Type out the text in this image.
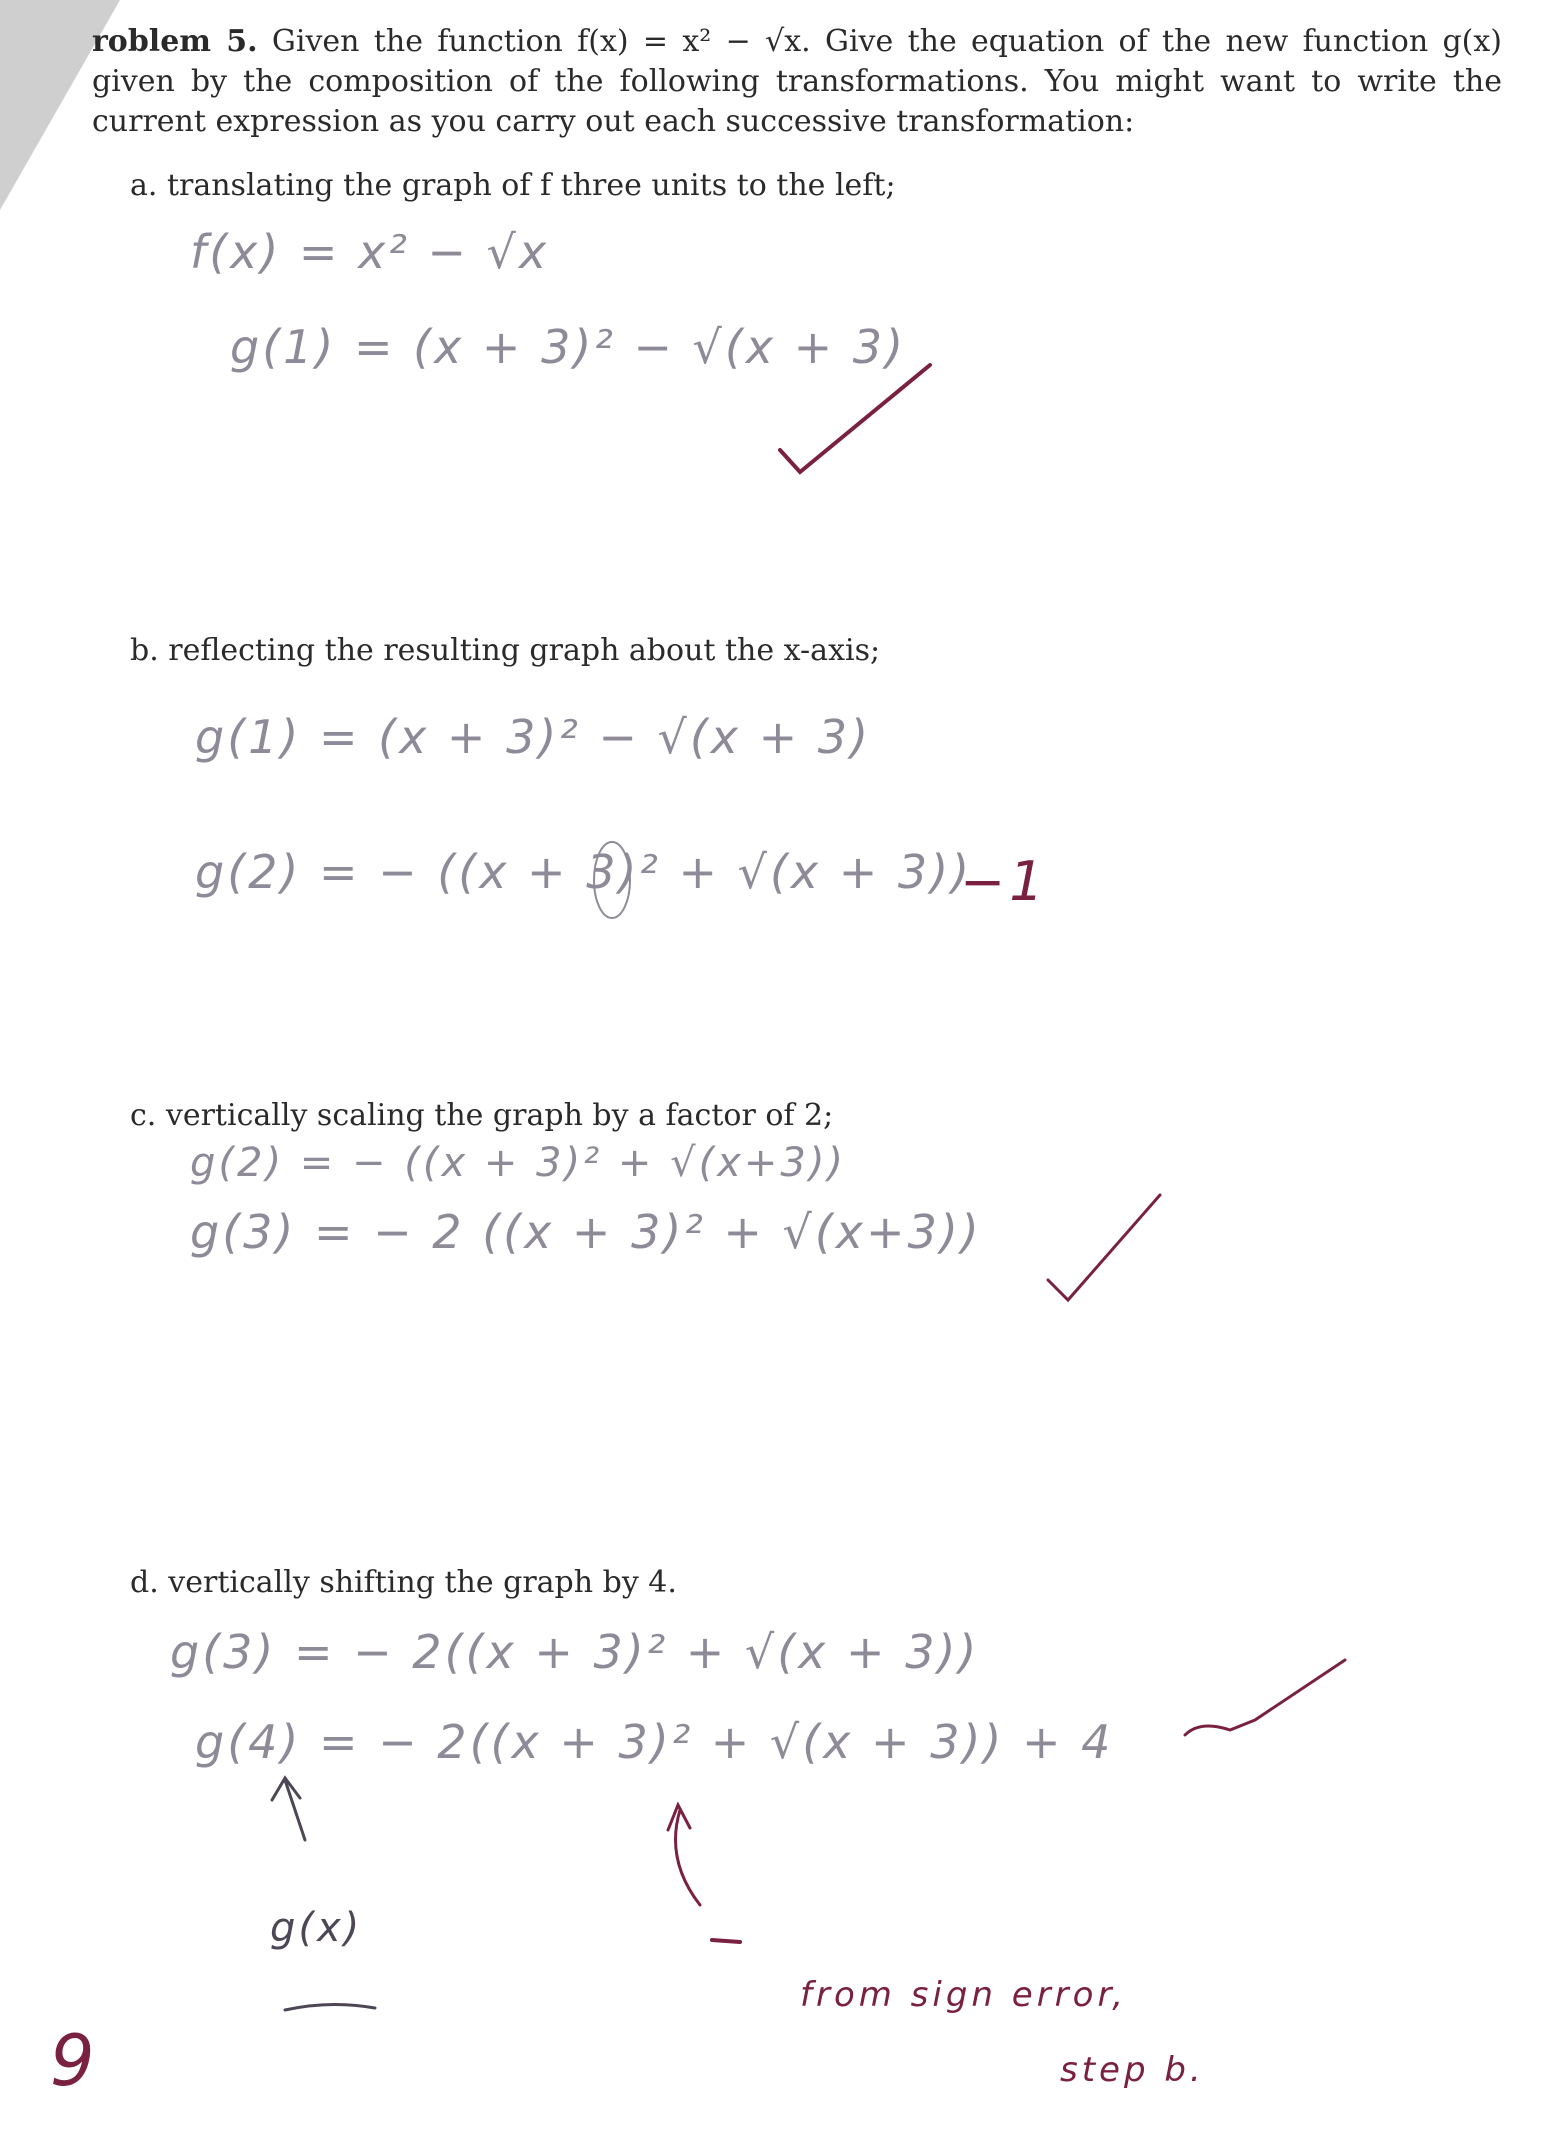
roblem 5. Given the function f(x) = x² − √x. Give the equation of the new function g(x) given by the composition of the following transformations. You might want to write the current expression as you carry out each successive transformation:
a. translating the graph of f three units to the left;
f(x) = x² − √x
g(1) = (x + 3)² − √(x + 3)
b. reflecting the resulting graph about the x-axis;
g(1) = (x + 3)² − √(x + 3)
g(2) = − ((x + 3)² + √(x + 3))
−1
c. vertically scaling the graph by a factor of 2;
g(2) = − ((x + 3)² + √(x+3))
g(3) = − 2 ((x + 3)² + √(x+3))
d. vertically shifting the graph by 4.
g(3) = − 2((x + 3)² + √(x + 3))
g(4) = − 2((x + 3)² + √(x + 3)) + 4
g(x)
from sign error,
step b.
9
